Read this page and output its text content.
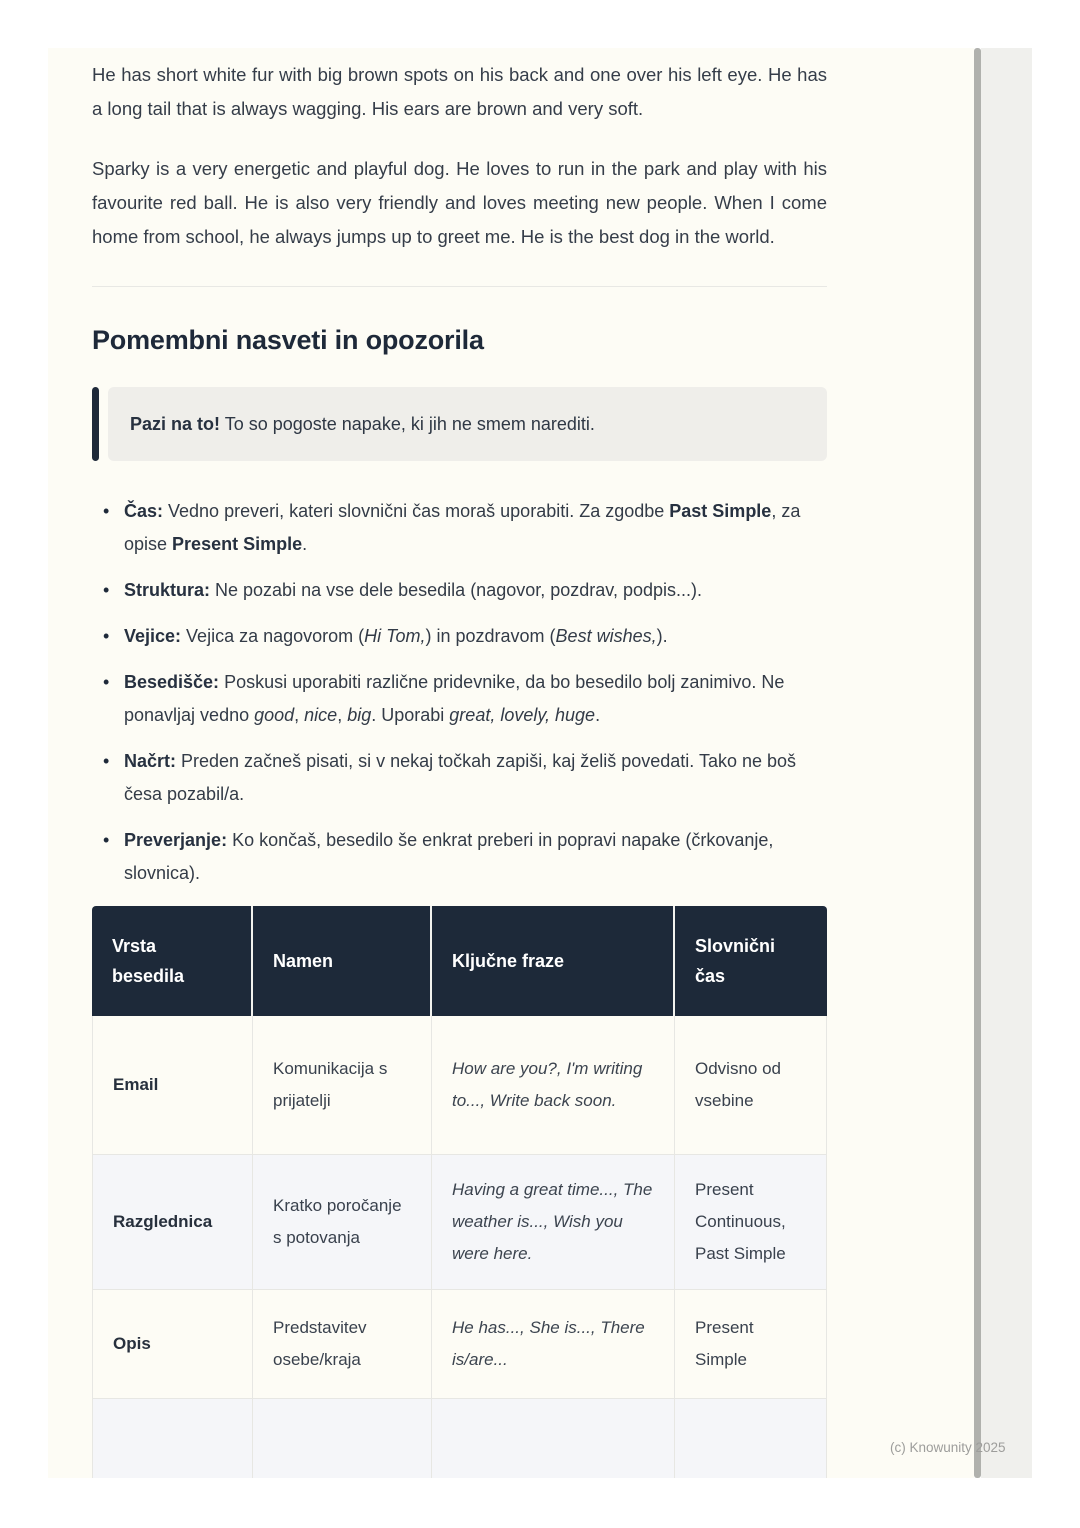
He has short white fur with big brown spots on his back and one over his left eye. He has a long tail that is always wagging. His ears are brown and very soft.

Sparky is a very energetic and playful dog. He loves to run in the park and play with his favourite red ball. He is also very friendly and loves meeting new people. When I come home from school, he always jumps up to greet me. He is the best dog in the world.

Pomembni nasveti in opozorila
Pazi na to! To so pogoste napake, ki jih ne smem narediti.
• Čas: Vedno preveri, kateri slovnični čas moraš uporabiti. Za zgodbe Past Simple, za opise Present Simple.
• Struktura: Ne pozabi na vse dele besedila (nagovor, pozdrav, podpis...).
• Vejice: Vejica za nagovorom (Hi Tom,) in pozdravom (Best wishes,).
• Besedišče: Poskusi uporabiti različne pridevnike, da bo besedilo bolj zanimivo. Ne ponavljaj vedno good, nice, big. Uporabi great, lovely, huge.
• Načrt: Preden začneš pisati, si v nekaj točkah zapiši, kaj želiš povedati. Tako ne boš česa pozabil/a.
• Preverjanje: Ko končaš, besedilo še enkrat preberi in popravi napake (črkovanje, slovnica).
Vrsta besedila	Namen	Ključne fraze	Slovnični čas
Email	Komunikacija s prijatelji	How are you?, I'm writing to..., Write back soon.	Odvisno od vsebine
Razglednica	Kratko poročanje s potovanja	Having a great time..., The weather is..., Wish you were here.	Present Continuous, Past Simple
Opis	Predstavitev osebe/kraja	He has..., She is..., There is/are...	Present Simple

(c) Knowunity 2025
